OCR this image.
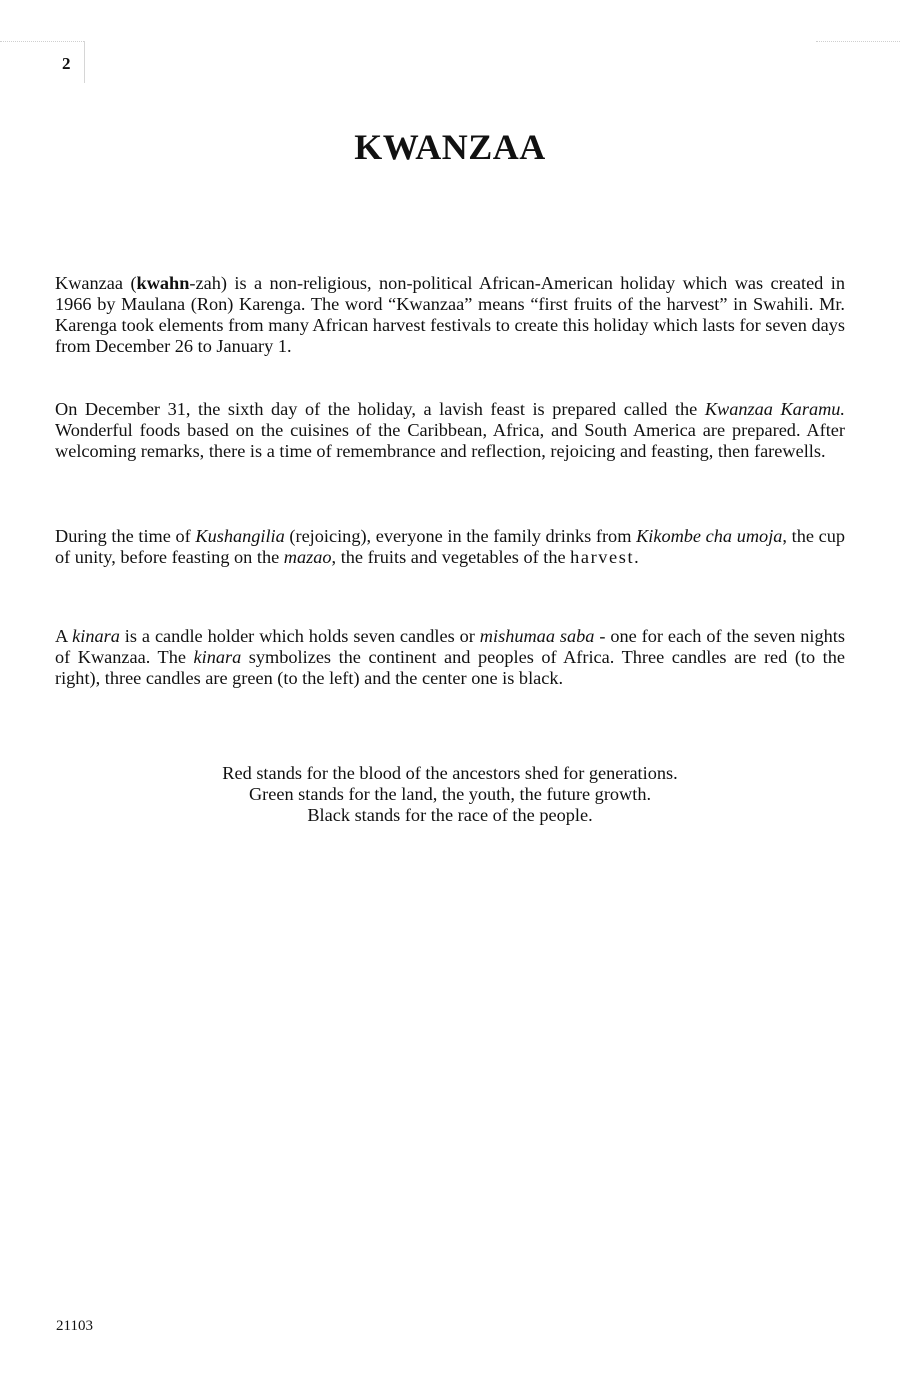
2
KWANZAA

Kwanzaa (kwahn-zah) is a non-religious, non-political African-American holiday which was created in 1966 by Maulana (Ron) Karenga. The word “Kwanzaa” means “first fruits of the harvest” in Swahili. Mr. Karenga took elements from many African harvest festivals to create this holiday which lasts for seven days from December 26 to January 1.

On December 31, the sixth day of the holiday, a lavish feast is prepared called the Kwanzaa Karamu. Wonderful foods based on the cuisines of the Caribbean, Africa, and South America are prepared. After welcoming remarks, there is a time of remembrance and reflection, rejoicing and feasting, then farewells.

During the time of Kushangilia (rejoicing), everyone in the family drinks from Kikombe cha umoja, the cup of unity, before feasting on the mazao, the fruits and vegetables of the harvest.

A kinara is a candle holder which holds seven candles or mishumaa saba - one for each of the seven nights of Kwanzaa. The kinara symbolizes the continent and peoples of Africa. Three candles are red (to the right), three candles are green (to the left) and the center one is black.

Red stands for the blood of the ancestors shed for generations.
Green stands for the land, the youth, the future growth.
Black stands for the race of the people.
21103
